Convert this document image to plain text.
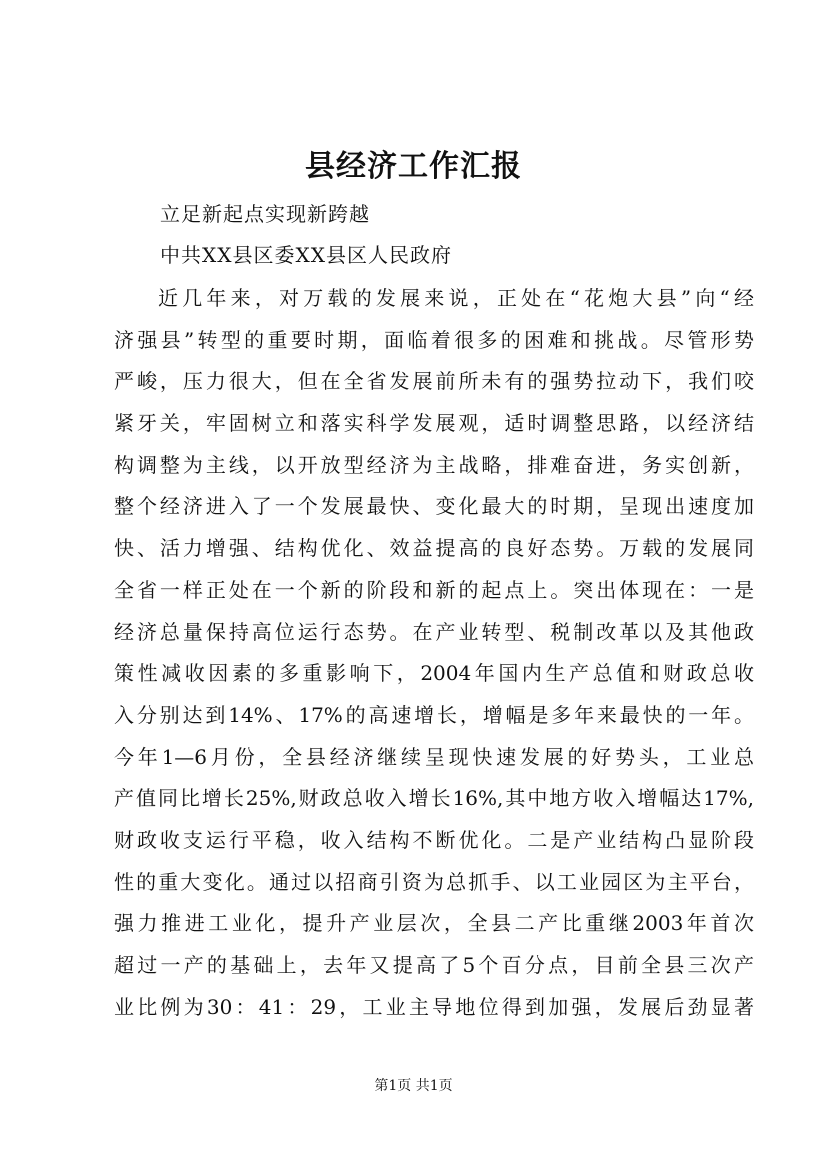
县经济工作汇报
立足新起点实现新跨越
中共XX县区委XX县区人民政府
近几年来，对万载的发展来说，正处在“花炮大县”向“经
济强县”转型的重要时期，面临着很多的困难和挑战。尽管形势
严峻，压力很大，但在全省发展前所未有的强势拉动下，我们咬
紧牙关，牢固树立和落实科学发展观，适时调整思路，以经济结
构调整为主线，以开放型经济为主战略，排难奋进，务实创新，
整个经济进入了一个发展最快、变化最大的时期，呈现出速度加
快、活力增强、结构优化、效益提高的良好态势。万载的发展同
全省一样正处在一个新的阶段和新的起点上。突出体现在：一是
经济总量保持高位运行态势。在产业转型、税制改革以及其他政
策性减收因素的多重影响下，2004年国内生产总值和财政总收
入分别达到14%、17%的高速增长，增幅是多年来最快的一年。
今年1—6月份，全县经济继续呈现快速发展的好势头，工业总
产值同比增长25%,财政总收入增长16%,其中地方收入增幅达17%,
财政收支运行平稳，收入结构不断优化。二是产业结构凸显阶段
性的重大变化。通过以招商引资为总抓手、以工业园区为主平台，
强力推进工业化，提升产业层次，全县二产比重继2003年首次
超过一产的基础上，去年又提高了5个百分点，目前全县三次产
业比例为30：41：29，工业主导地位得到加强，发展后劲显著
第1页 共1页
